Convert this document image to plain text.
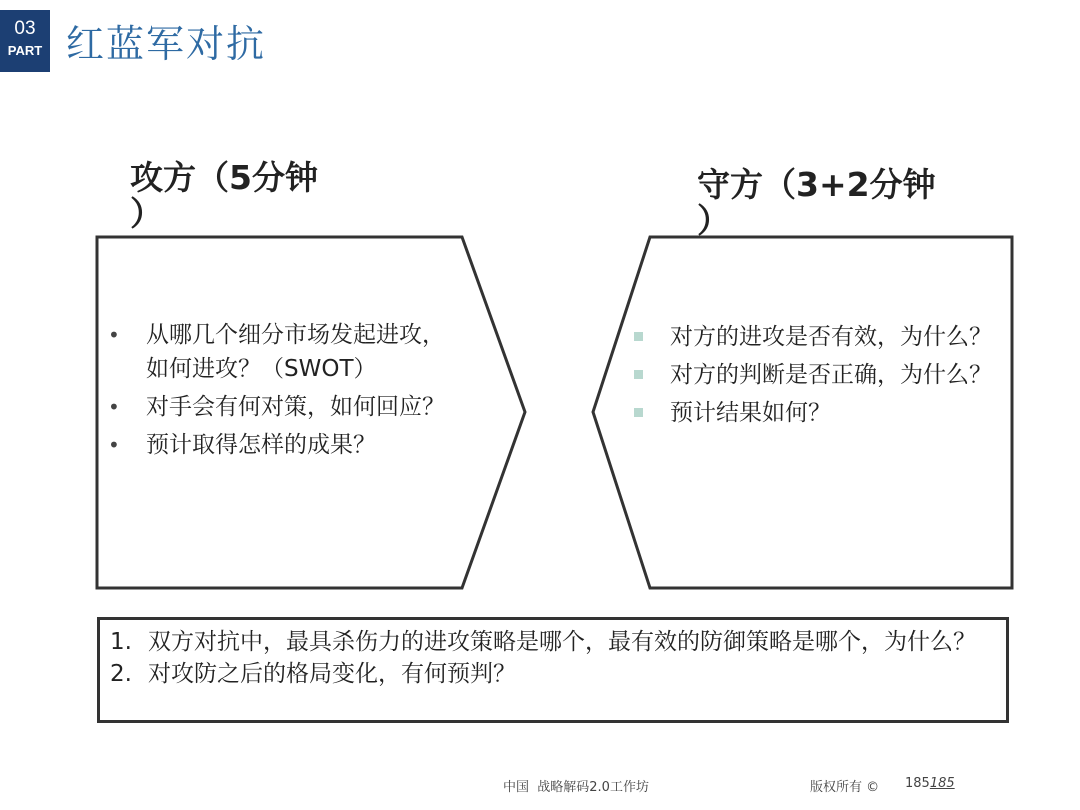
03
PART 红蓝军对抗
攻方（5分钟
）
守方（3+2分钟
）
• 从哪几个细分市场发起进攻，如何进攻？（SWOT）
• 对手会有何对策，如何回应？
• 预计取得怎样的成果？
对方的进攻是否有效，为什么？
对方的判断是否正确，为什么？
预计结果如何？
1. 双方对抗中，最具杀伤力的进攻策略是哪个，最有效的防御策略是哪个，为什么？
2. 对攻防之后的格局变化，有何预判？
中国  战略解码2.0工作坊	版权所有 © 185185
